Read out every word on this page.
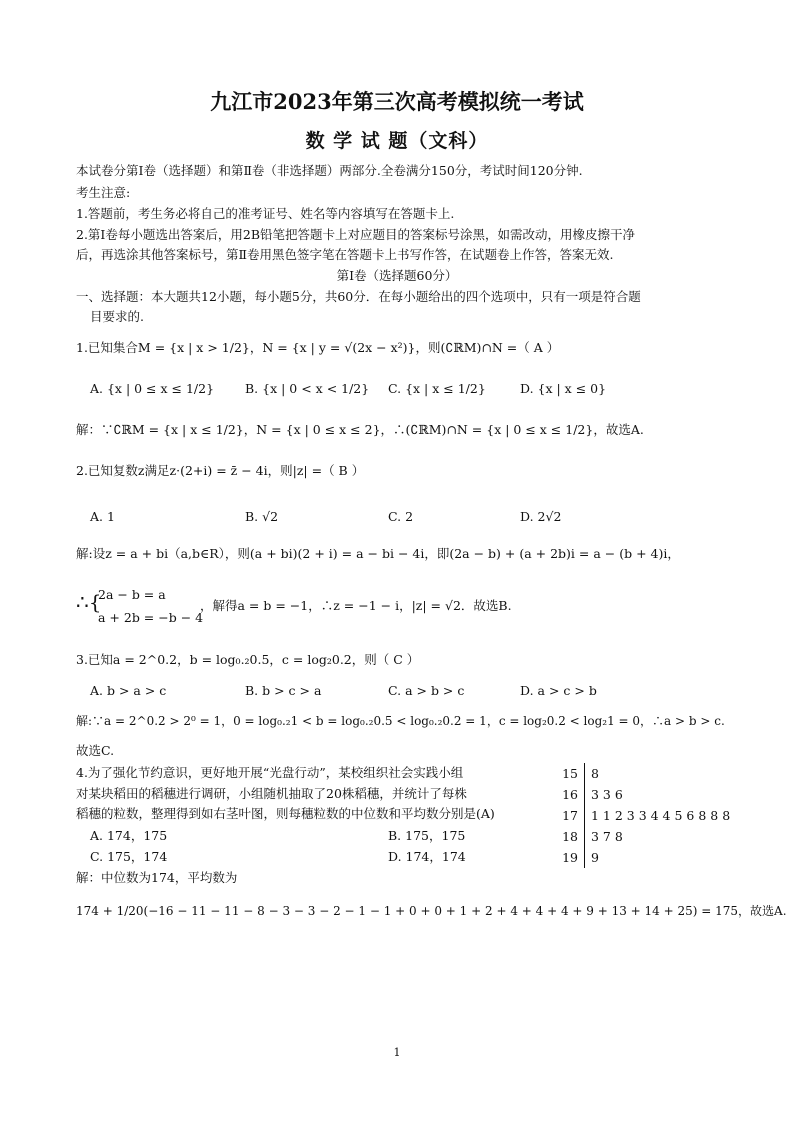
九江市2023年第三次高考模拟统一考试
数 学 试 题（文科）
本试卷分第Ⅰ卷（选择题）和第Ⅱ卷（非选择题）两部分.全卷满分150分，考试时间120分钟.
考生注意:
1.答题前，考生务必将自己的准考证号、姓名等内容填写在答题卡上.
2.第Ⅰ卷每小题选出答案后，用2B铅笔把答题卡上对应题目的答案标号涂黑，如需改动，用橡皮擦干净
后，再选涂其他答案标号，第Ⅱ卷用黑色签字笔在答题卡上书写作答，在试题卷上作答，答案无效.
第Ⅰ卷（选择题60分）
一、选择题：本大题共12小题，每小题5分，共60分．在每小题给出的四个选项中，只有一项是符合题
目要求的.
1.已知集合M = {x | x > 1/2}，N = {x | y = √(2x − x²)}，则(∁ℝM)∩N =（ A ）
A. {x | 0 ≤ x ≤ 1/2} B. {x | 0 < x < 1/2} C. {x | x ≤ 1/2}	D. {x | x ≤ 0}
解：∵∁ℝM = {x | x ≤ 1/2}，N = {x | 0 ≤ x ≤ 2}，∴(∁ℝM)∩N = {x | 0 ≤ x ≤ 1/2}，故选A.
2.已知复数z满足z·(2+i) = z̄ − 4i，则|z| =（ B ）
A. 1	B. √2	C. 2	D. 2√2
解:设z = a + bi（a,b∈R），则(a + bi)(2 + i) = a − bi − 4i，即(2a − b) + (a + 2b)i = a − (b + 4)i，
∴{
2a − b = a
a + 2b = −b − 4
，解得a = b = −1，∴z = −1 − i，|z| = √2．故选B.
3.已知a = 2^0.2，b = log₀.₂0.5，c = log₂0.2，则（ C ）
A. b > a > c	B. b > c > a	C. a > b > c	D. a > c > b
解:∵a = 2^0.2 > 2⁰ = 1，0 = log₀.₂1 < b = log₀.₂0.5 < log₀.₂0.2 = 1，c = log₂0.2 < log₂1 = 0，∴a > b > c.
故选C.
4.为了强化节约意识，更好地开展“光盘行动”，某校组织社会实践小组
对某块稻田的稻穗进行调研，小组随机抽取了20株稻穗，并统计了每株
稻穗的粒数，整理得到如右茎叶图，则每穗粒数的中位数和平均数分别是(A)
A. 174，175	B. 175，175
C. 175，174	D. 174，174
15	8
16	3 3 6
17	1 1 2 3 3 4 4 5 6 8 8 8
18	3 7 8
19	9
解：中位数为174，平均数为
174 + 1/20(−16 − 11 − 11 − 8 − 3 − 3 − 2 − 1 − 1 + 0 + 0 + 1 + 2 + 4 + 4 + 4 + 9 + 13 + 14 + 25) = 175，故选A.
1
